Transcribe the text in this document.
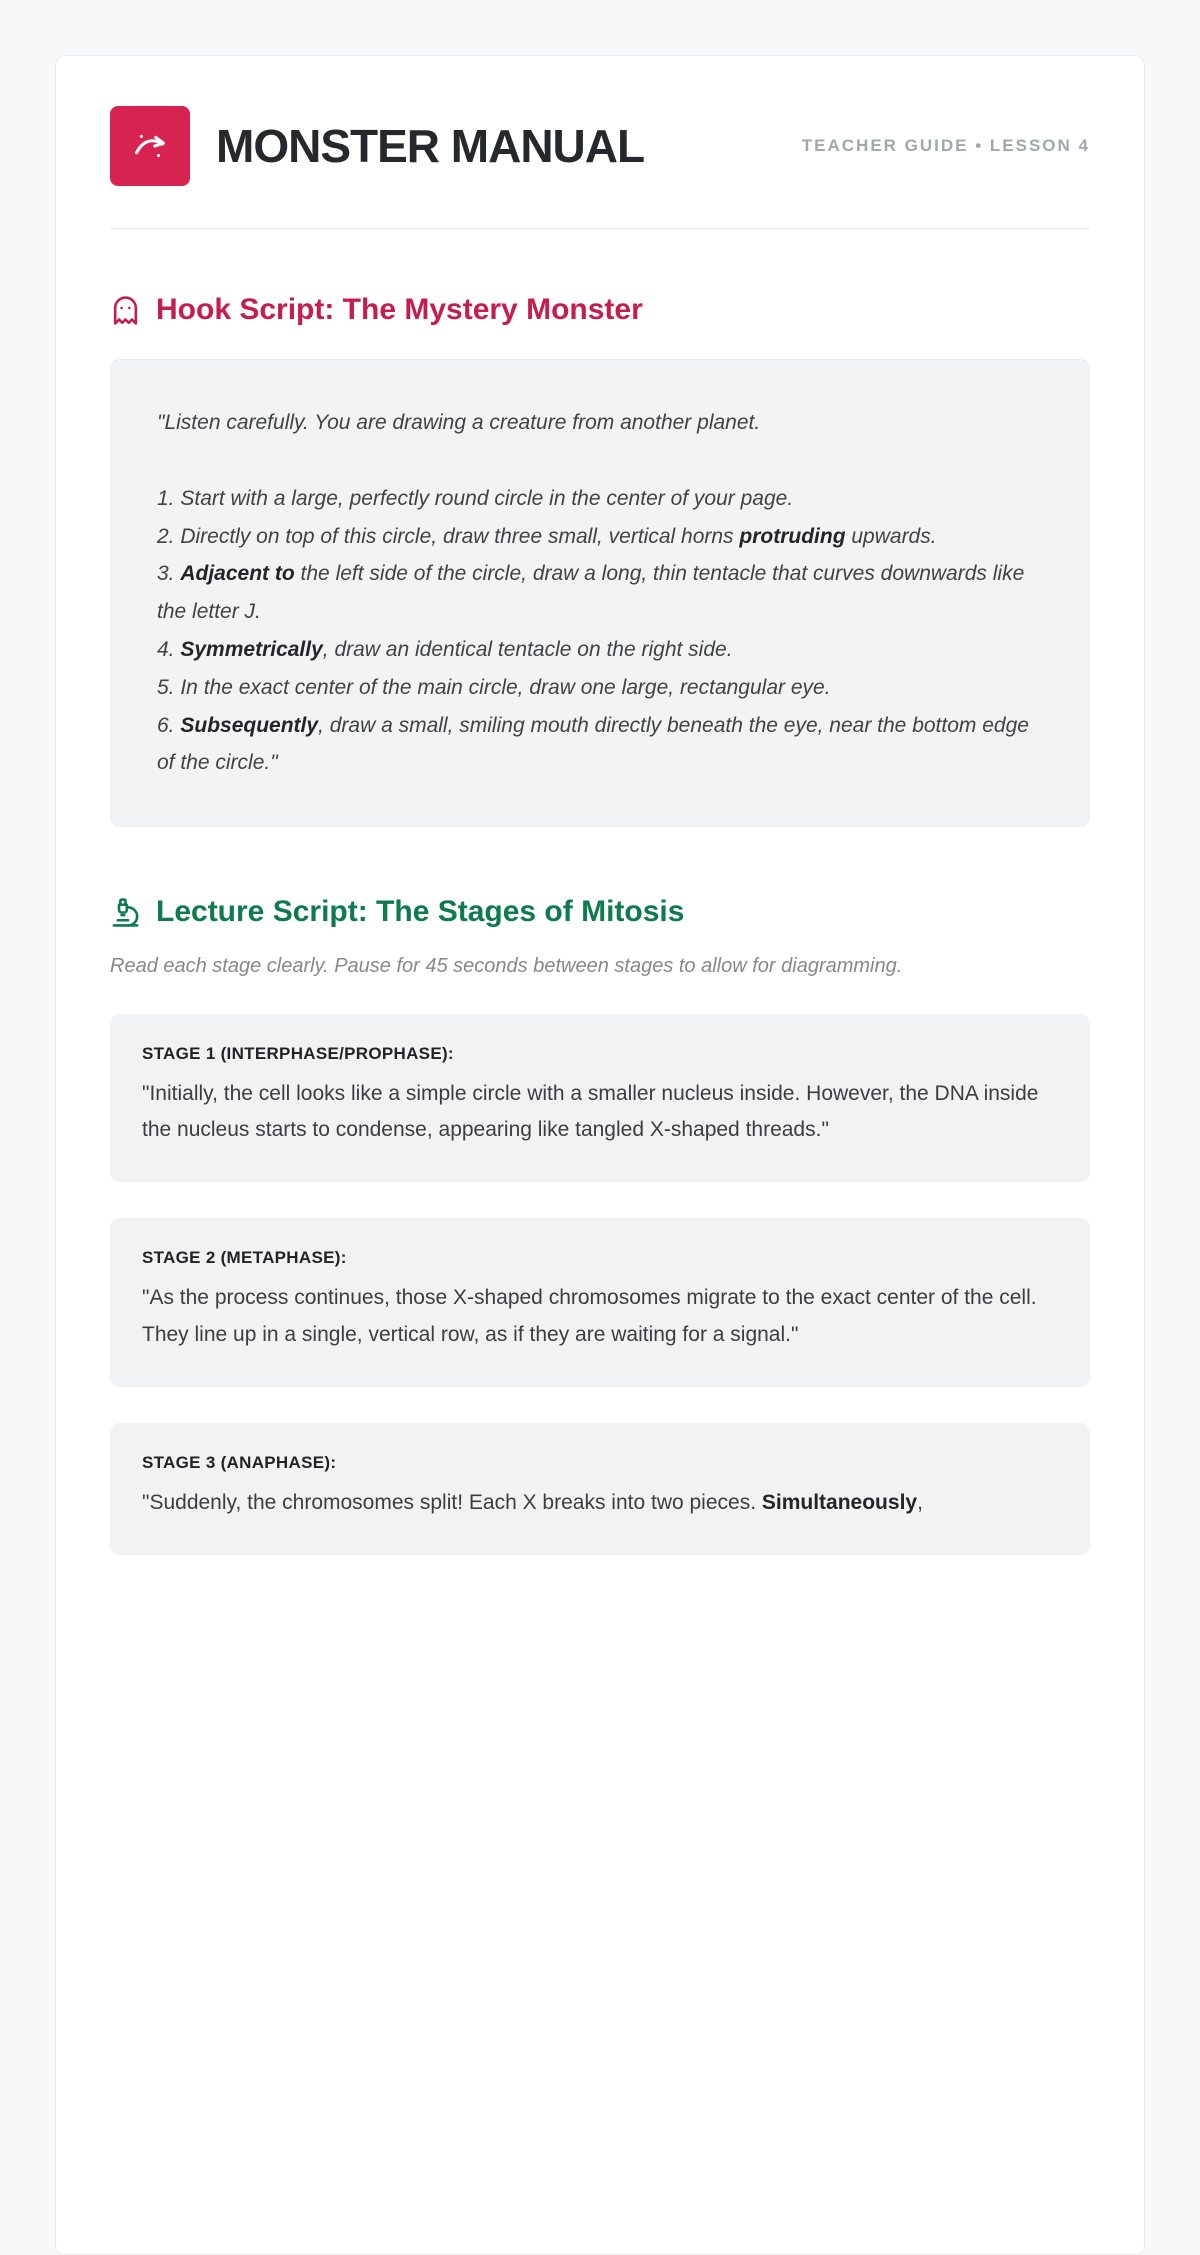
MONSTER MANUAL	TEACHER GUIDE • LESSON 4
Hook Script: The Mystery Monster

"Listen carefully. You are drawing a creature from another planet.

1. Start with a large, perfectly round circle in the center of your page.

2. Directly on top of this circle, draw three small, vertical horns protruding upwards.

3. Adjacent to the left side of the circle, draw a long, thin tentacle that curves downwards like the letter J.

4. Symmetrically, draw an identical tentacle on the right side.

5. In the exact center of the main circle, draw one large, rectangular eye.

6. Subsequently, draw a small, smiling mouth directly beneath the eye, near the bottom edge of the circle."

Lecture Script: The Stages of Mitosis

Read each stage clearly. Pause for 45 seconds between stages to allow for diagramming.

STAGE 1 (INTERPHASE/PROPHASE):

"Initially, the cell looks like a simple circle with a smaller nucleus inside. However, the DNA inside the nucleus starts to condense, appearing like tangled X-shaped threads."

STAGE 2 (METAPHASE):

"As the process continues, those X-shaped chromosomes migrate to the exact center of the cell. They line up in a single, vertical row, as if they are waiting for a signal."

STAGE 3 (ANAPHASE):

"Suddenly, the chromosomes split! Each X breaks into two pieces. Simultaneously,
